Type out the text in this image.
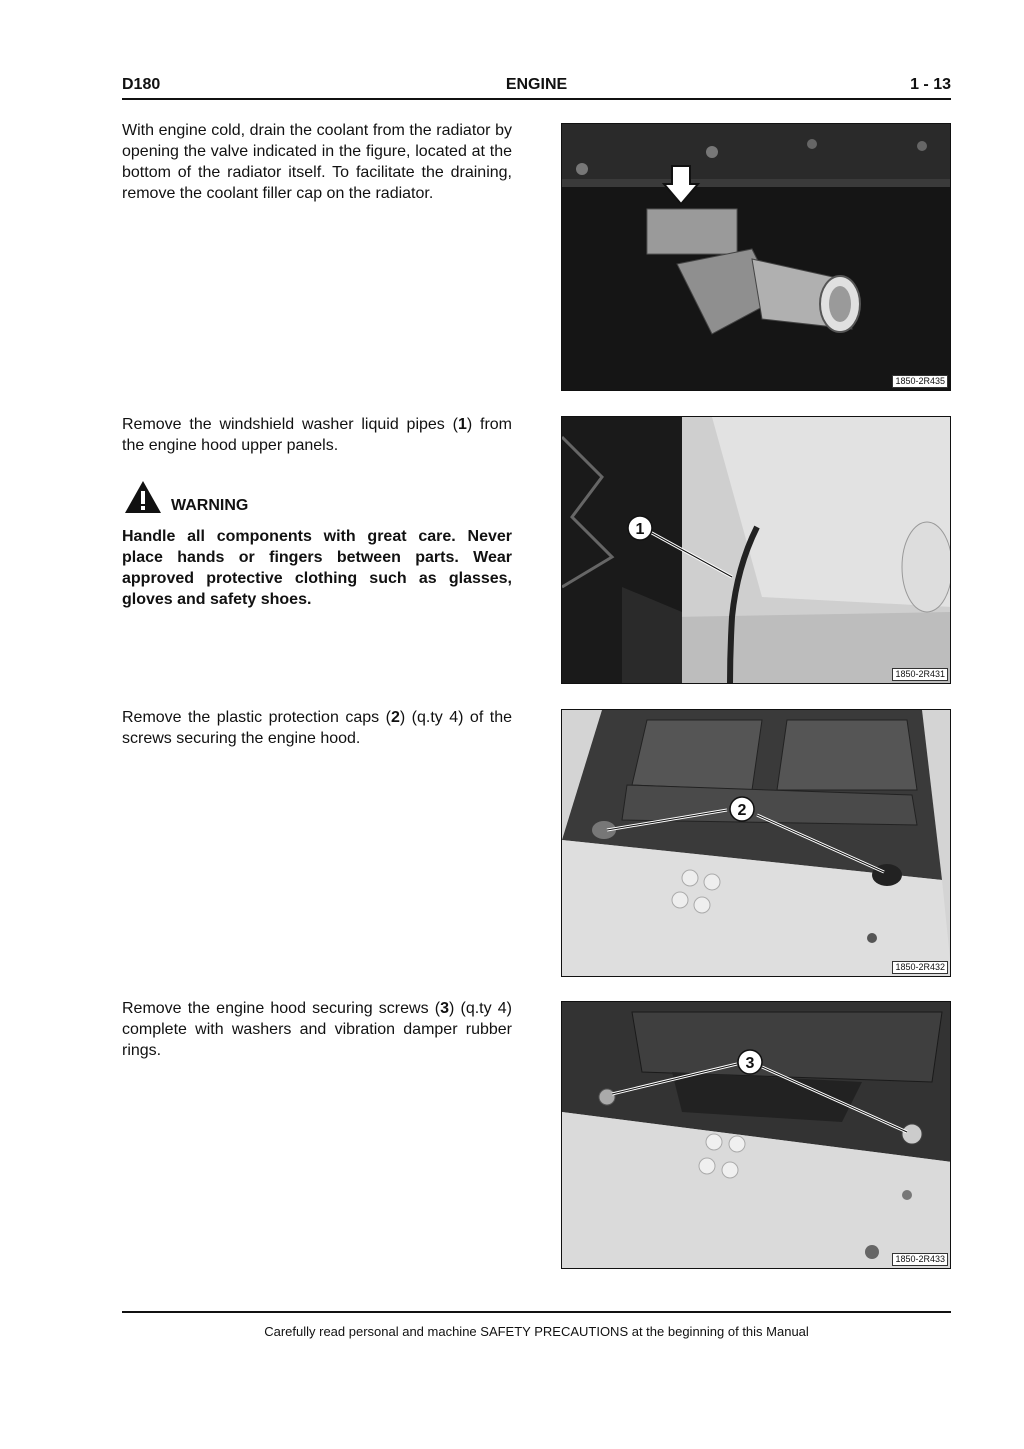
D180	ENGINE	1 - 13

With engine cold, drain the coolant from the radiator by opening the valve indicated in the figure, located at the bottom of the radiator itself. To facilitate the draining, remove the coolant filler cap on the radiator.

1850-2R435

Remove the windshield washer liquid pipes (1) from the engine hood upper panels.

WARNING

Handle all components with great care. Never place hands or fingers between parts. Wear approved protective clothing such as glasses, gloves and safety shoes.

1
1850-2R431

Remove the plastic protection caps (2) (q.ty 4) of the screws securing the engine hood.

2
1850-2R432

Remove the engine hood securing screws (3) (q.ty 4) complete with washers and vibration damper rubber rings.

3
1850-2R433
Carefully read personal and machine SAFETY PRECAUTIONS at the beginning of this Manual
